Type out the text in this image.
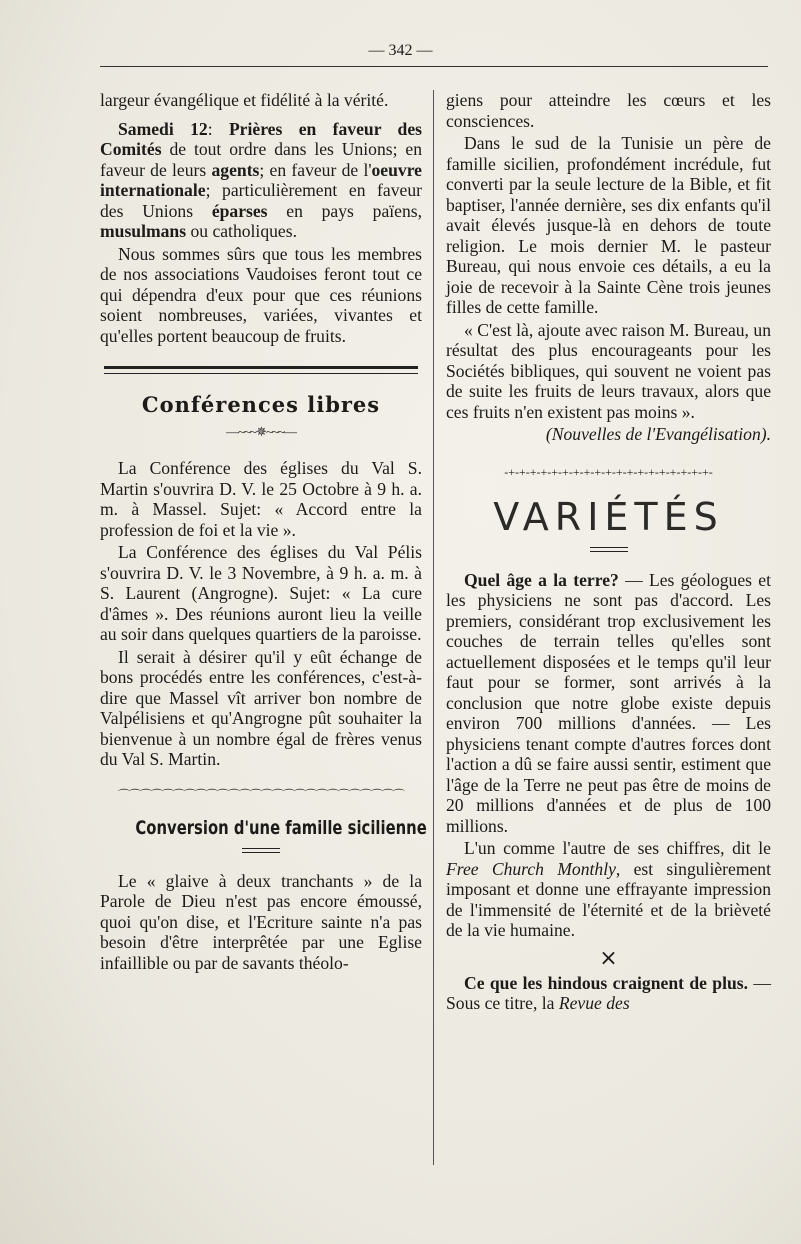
— 342 —

largeur évangélique et fidélité à la vérité.

Samedi 12: Prières en faveur des Comités de tout ordre dans les Unions; en faveur de leurs agents; en faveur de l'oeuvre internationale; particulièrement en faveur des Unions éparses en pays païens, musulmans ou catholiques.

Nous sommes sûrs que tous les membres de nos associations Vaudoises feront tout ce qui dépendra d'eux pour que ces réunions soient nombreuses, variées, vivantes et qu'elles portent beaucoup de fruits.

Conférences libres
—~~~✵~~~—

La Conférence des églises du Val S. Martin s'ouvrira D. V. le 25 Octobre à 9 h. a. m. à Massel. Sujet: « Accord entre la profession de foi et la vie ».

La Conférence des églises du Val Pélis s'ouvrira D. V. le 3 Novembre, à 9 h. a. m. à S. Laurent (Angrogne). Sujet: « La cure d'âmes ». Des réunions auront lieu la veille au soir dans quelques quartiers de la paroisse.

Il serait à désirer qu'il y eût échange de bons procédés entre les conférences, c'est-à-dire que Massel vît arriver bon nombre de Valpélisiens et qu'Angrogne pût souhaiter la bienvenue à un nombre égal de frères venus du Val S. Martin.

⌒⌒⌒⌒⌒⌒⌒⌒⌒⌒⌒⌒⌒⌒⌒⌒⌒⌒⌒⌒⌒⌒⌒⌒⌒⌒
Conversion d'une famille sicilienne

Le « glaive à deux tranchants » de la Parole de Dieu n'est pas encore émoussé, quoi qu'on dise, et l'Ecriture sainte n'a pas besoin d'être interprêtée par une Eglise infaillible ou par de savants théolo-

giens pour atteindre les cœurs et les consciences.

Dans le sud de la Tunisie un père de famille sicilien, profondément incrédule, fut converti par la seule lecture de la Bible, et fit baptiser, l'année dernière, ses dix enfants qu'il avait élevés jusque-là en dehors de toute religion. Le mois dernier M. le pasteur Bureau, qui nous envoie ces détails, a eu la joie de recevoir à la Sainte Cène trois jeunes filles de cette famille.

« C'est là, ajoute avec raison M. Bureau, un résultat des plus encourageants pour les Sociétés bibliques, qui souvent ne voient pas de suite les fruits de leurs travaux, alors que ces fruits n'en existent pas moins ».

(Nouvelles de l'Evangélisation).

-+-+-+-+-+-+-+-+-+-+-+-+-+-+-+-+-+-+-+-
VARIÉTÉS

Quel âge a la terre? — Les géologues et les physiciens ne sont pas d'accord. Les premiers, considérant trop exclusivement les couches de terrain telles qu'elles sont actuellement disposées et le temps qu'il leur faut pour se former, sont arrivés à la conclusion que notre globe existe depuis environ 700 millions d'années. — Les physiciens tenant compte d'autres forces dont l'action a dû se faire aussi sentir, estiment que l'âge de la Terre ne peut pas être de moins de 20 millions d'années et de plus de 100 millions.

L'un comme l'autre de ses chiffres, dit le Free Church Monthly, est singulièrement imposant et donne une effrayante impression de l'immensité de l'éternité et de la brièveté de la vie humaine.

×

Ce que les hindous craignent de plus. — Sous ce titre, la Revue des
